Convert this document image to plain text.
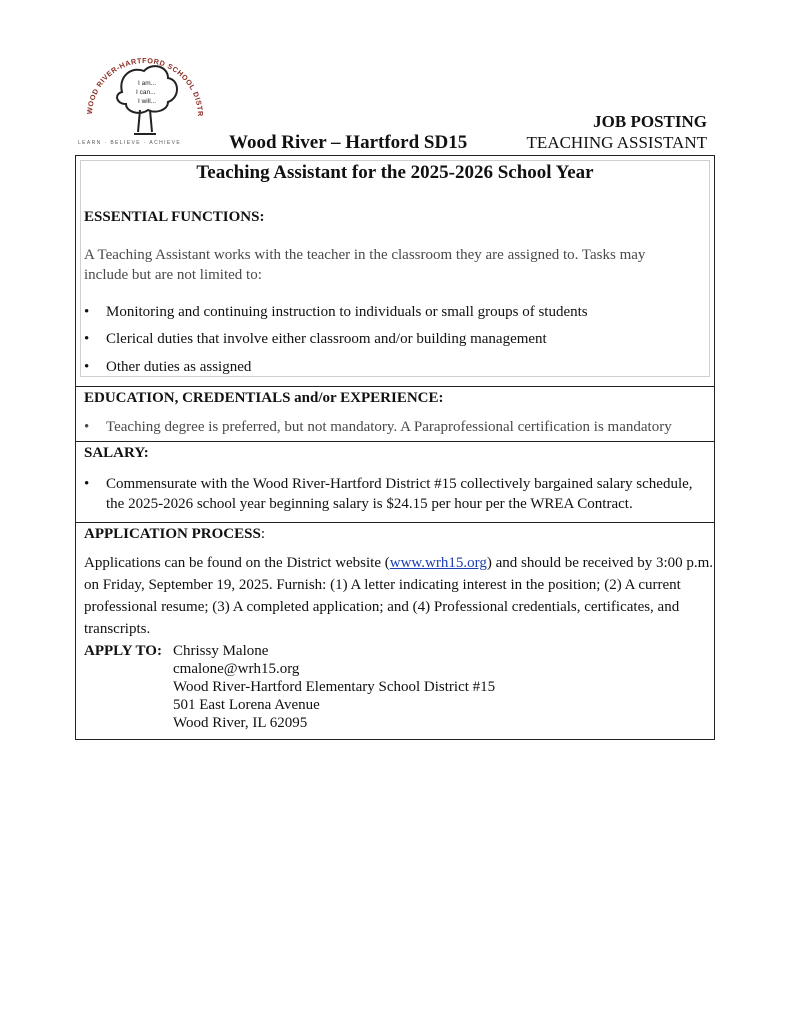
WOOD RIVER-HARTFORD SCHOOL DISTR
I am...
I can...
I will...
LEARN · BELIEVE · ACHIEVE	Wood River – Hartford SD15
JOB POSTING
TEACHING ASSISTANT
Teaching Assistant for the 2025-2026 School Year
ESSENTIAL FUNCTIONS:
A Teaching Assistant works with the teacher in the classroom they are assigned to. Tasks may include but are not limited to:
• Monitoring and continuing instruction to individuals or small groups of students
• Clerical duties that involve either classroom and/or building management
• Other duties as assigned
EDUCATION, CREDENTIALS and/or EXPERIENCE:
• Teaching degree is preferred, but not mandatory. A Paraprofessional certification is mandatory
SALARY:
•	Commensurate with the Wood River-Hartford District #15 collectively bargained salary schedule, the 2025-2026 school year beginning salary is $24.15 per hour per the WREA Contract.
APPLICATION PROCESS:
Applications can be found on the District website (www.wrh15.org) and should be received by 3:00 p.m. on Friday, September 19, 2025. Furnish: (1) A letter indicating interest in the position; (2) A current professional resume; (3) A completed application; and (4) Professional credentials, certificates, and transcripts.
APPLY TO: Chrissy Malone
cmalone@wrh15.org
Wood River-Hartford Elementary School District #15
501 East Lorena Avenue
Wood River, IL 62095
